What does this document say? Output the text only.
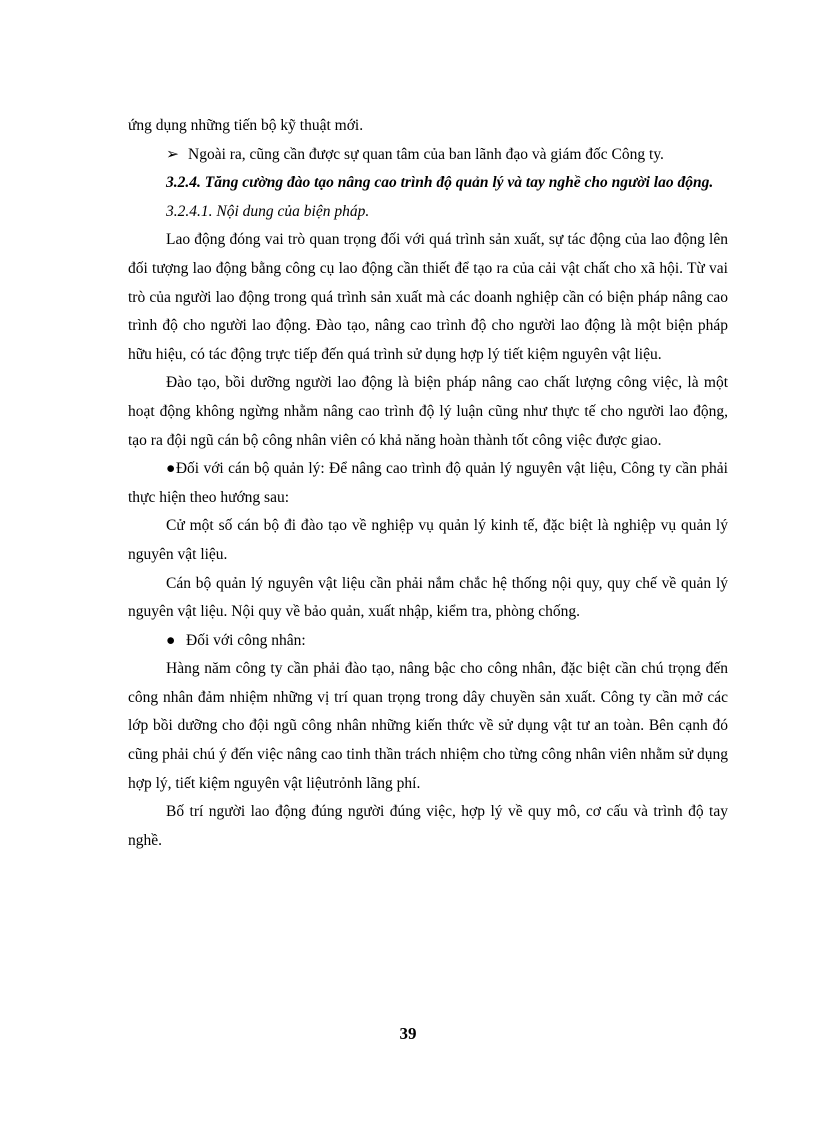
ứng dụng những tiến bộ kỹ thuật mới.

➢ Ngoài ra, cũng cần được sự quan tâm của ban lãnh đạo và giám đốc Công ty.

3.2.4. Tăng cường đào tạo nâng cao trình độ quản lý và tay nghề cho người lao động.

3.2.4.1. Nội dung của biện pháp.

Lao động đóng vai trò quan trọng đối với quá trình sản xuất, sự tác động của lao động lên đối tượng lao động bằng công cụ lao động cần thiết để tạo ra của cải vật chất cho xã hội. Từ vai trò của người lao động trong quá trình sản xuất mà các doanh nghiệp cần có biện pháp nâng cao trình độ cho người lao động. Đào tạo, nâng cao trình độ cho người lao động là một biện pháp hữu hiệu, có tác động trực tiếp đến quá trình sử dụng hợp lý tiết kiệm nguyên vật liệu.

Đào tạo, bồi dưỡng người lao động là biện pháp nâng cao chất lượng công việc, là một hoạt động không ngừng nhằm nâng cao trình độ lý luận cũng như thực tế cho người lao động, tạo ra đội ngũ cán bộ công nhân viên có khả năng hoàn thành tốt công việc được giao.

●Đối với cán bộ quản lý: Để nâng cao trình độ quản lý nguyên vật liệu, Công ty cần phải thực hiện theo hướng sau:

Cử một số cán bộ đi đào tạo về nghiệp vụ quản lý kinh tế, đặc biệt là nghiệp vụ quản lý nguyên vật liệu.

Cán bộ quản lý nguyên vật liệu cần phải nắm chắc hệ thống nội quy, quy chế về quản lý nguyên vật liệu. Nội quy về bảo quản, xuất nhập, kiểm tra, phòng chống.

● Đối với công nhân:

Hàng năm công ty cần phải đào tạo, nâng bậc cho công nhân, đặc biệt cần chú trọng đến công nhân đảm nhiệm những vị trí quan trọng trong dây chuyền sản xuất. Công ty cần mở các lớp bồi dưỡng cho đội ngũ công nhân những kiến thức về sử dụng vật tư an toàn. Bên cạnh đó cũng phải chú ý đến việc nâng cao tinh thần trách nhiệm cho từng công nhân viên nhằm sử dụng hợp lý, tiết kiệm nguyên vật liệutrỏnh lãng phí.

Bố trí người lao động đúng người đúng việc, hợp lý về quy mô, cơ cấu và trình độ tay nghề.

39
